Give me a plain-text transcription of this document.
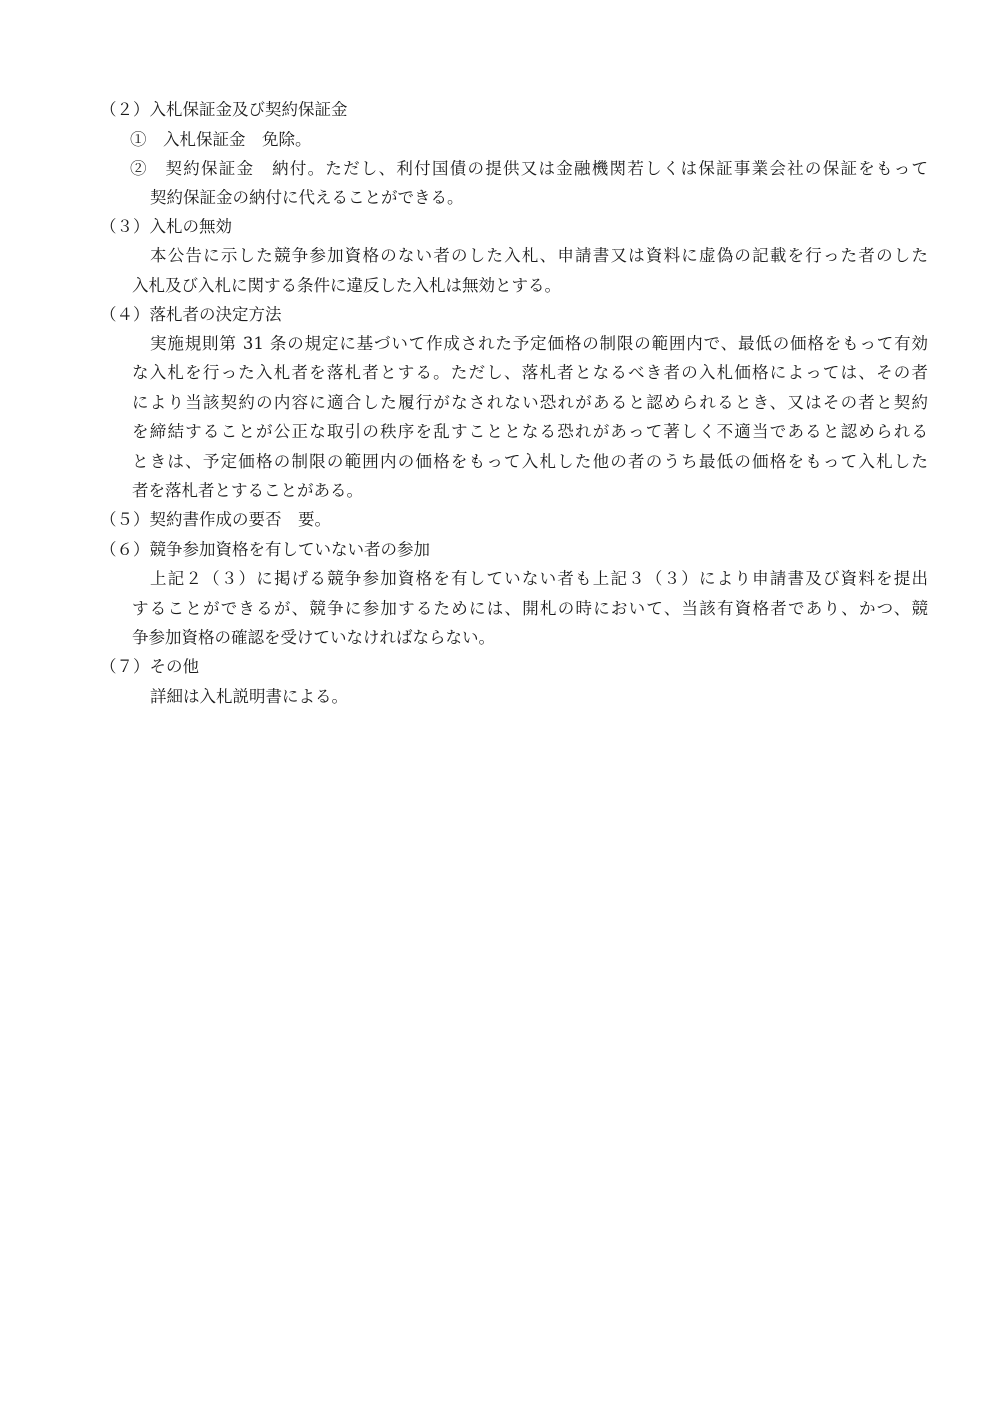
（２）入札保証金及び契約保証金
①　入札保証金　免除。
②　契約保証金　納付。ただし、利付国債の提供又は金融機関若しくは保証事業会社の保証をもって
契約保証金の納付に代えることができる。
（３）入札の無効
本公告に示した競争参加資格のない者のした入札、申請書又は資料に虚偽の記載を行った者のした
入札及び入札に関する条件に違反した入札は無効とする。
（４）落札者の決定方法
実施規則第 31 条の規定に基づいて作成された予定価格の制限の範囲内で、最低の価格をもって有効
な入札を行った入札者を落札者とする。ただし、落札者となるべき者の入札価格によっては、その者
により当該契約の内容に適合した履行がなされない恐れがあると認められるとき、又はその者と契約
を締結することが公正な取引の秩序を乱すこととなる恐れがあって著しく不適当であると認められる
ときは、予定価格の制限の範囲内の価格をもって入札した他の者のうち最低の価格をもって入札した
者を落札者とすることがある。
（５）契約書作成の要否　要。
（６）競争参加資格を有していない者の参加
上記２（３）に掲げる競争参加資格を有していない者も上記３（３）により申請書及び資料を提出
することができるが、競争に参加するためには、開札の時において、当該有資格者であり、かつ、競
争参加資格の確認を受けていなければならない。
（７）その他
詳細は入札説明書による。
